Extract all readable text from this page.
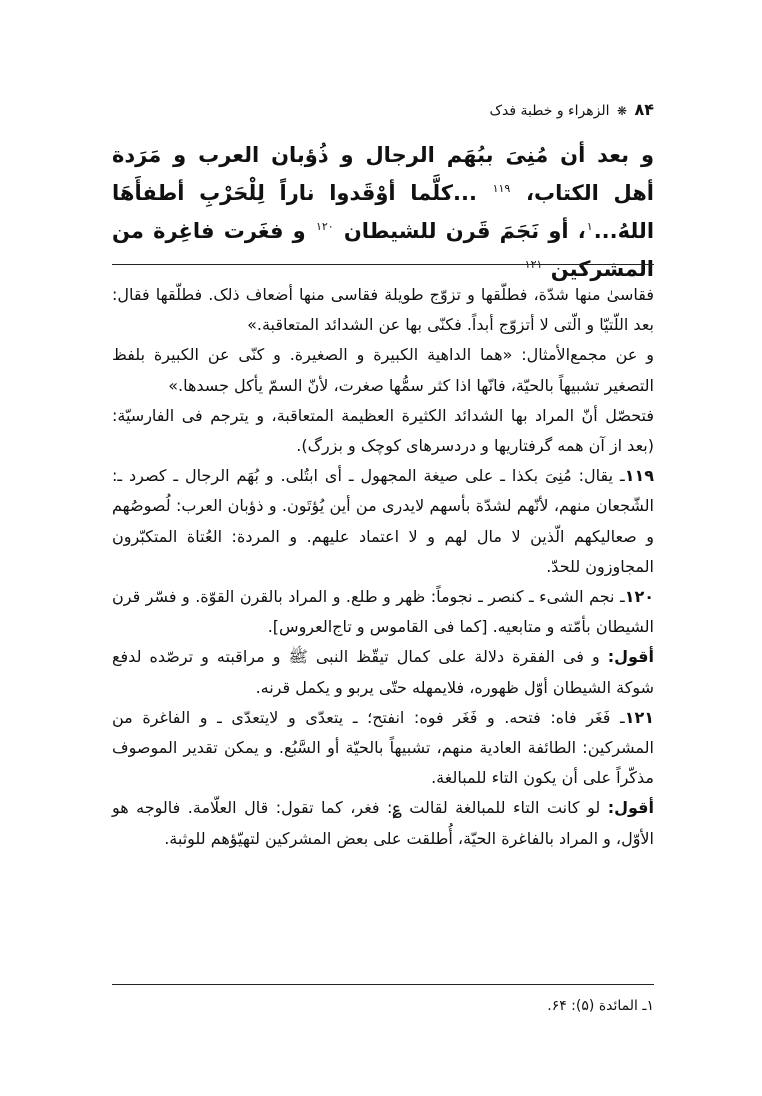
۸۴ ❋ الزهراء و خطبة فدک
و بعد أن مُنِىَ ببُهَم الرجال و ذُؤبان العرب و مَرَدة أهل الكتاب، $^{۱۱۹}$ ...كلَّما أوْقَدوا ناراً لِلْحَرْبِ أطفأَهَا اللهُ...$^۱$، أو نَجَمَ قَرن للشيطان $^{۱۲۰}$ و فغَرت فاغِرة من المشركين $^{۱۲۱}$

فقاسىٰ منها شدّة، فطلّقها و تزوّج طويلة فقاسى منها أضعاف ذلک. فطلّقها فقال: بعد اللّتيّا و الّتى لا أتزوّج أبداً. فكنّى بها عن الشدائد المتعاقبة.»

و عن مجمع‌الأمثال: «هما الداهية الكبيرة و الصغيرة. و كنّى عن الكبيرة بلفظ التصغير تشبيهاً بالحيّة، فانّها اذا كثر سمُّها صغرت، لأنّ السمّ يأكل جسدها.»

فتحصّل أنّ المراد بها الشدائد الكثيرة العظيمة المتعاقبة، و يترجم فى الفارسيّة: (بعد از آن همه گرفتاريها و دردسرهای كوچک و بزرگ).

۱۱۹ـ يقال: مُنِىَ بكذا ـ على صيغة المجهول ـ أى ابتُلى. و بُهَم الرجال ـ كصرد ـ: الشّجعان منهم، لأنّهم لشدّة بأسهم لايدرى من أين يُؤتَون. و ذؤبان العرب: لُصوصُهم و صعاليكهم الّذين لا مال لهم و لا اعتماد عليهم. و المردة: العُتاة المتكبّرون المجاوزون للحدّ.

۱۲۰ـ نجم الشىء ـ كنصر ـ نجوماً: ظهر و طلع. و المراد بالقرن القوّة. و فسّر قرن الشيطان بأمّته و متابعيه. [كما فى القاموس و تاج‌العروس].

أقول: و فى الفقرة دلالة على كمال تيقّظ النبى ﷺ و مراقبته و ترصّده لدفع شوكة الشيطان أوّل ظهوره، فلايمهله حتّى يربو و يكمل قرنه.

۱۲۱ـ فَغَر فاه: فتحه. و فَغَر فوه: انفتح؛ ـ يتعدّى و لايتعدّى ـ و الفاغرة من المشركين: الطائفة العادية منهم، تشبيهاً بالحيّة أو السَّبُع. و يمكن تقدير الموصوف مذكّراً على أن يكون التاء للمبالغة.

أقول: لو كانت التاء للمبالغة لقالت ؏: فغر، كما تقول: قال العلّامة. فالوجه هو الأوّل، و المراد بالفاغرة الحيّة، أُطلقت على بعض المشركين لتهيّؤهم للوثبة.

۱ـ المائدة (۵): ۶۴.
